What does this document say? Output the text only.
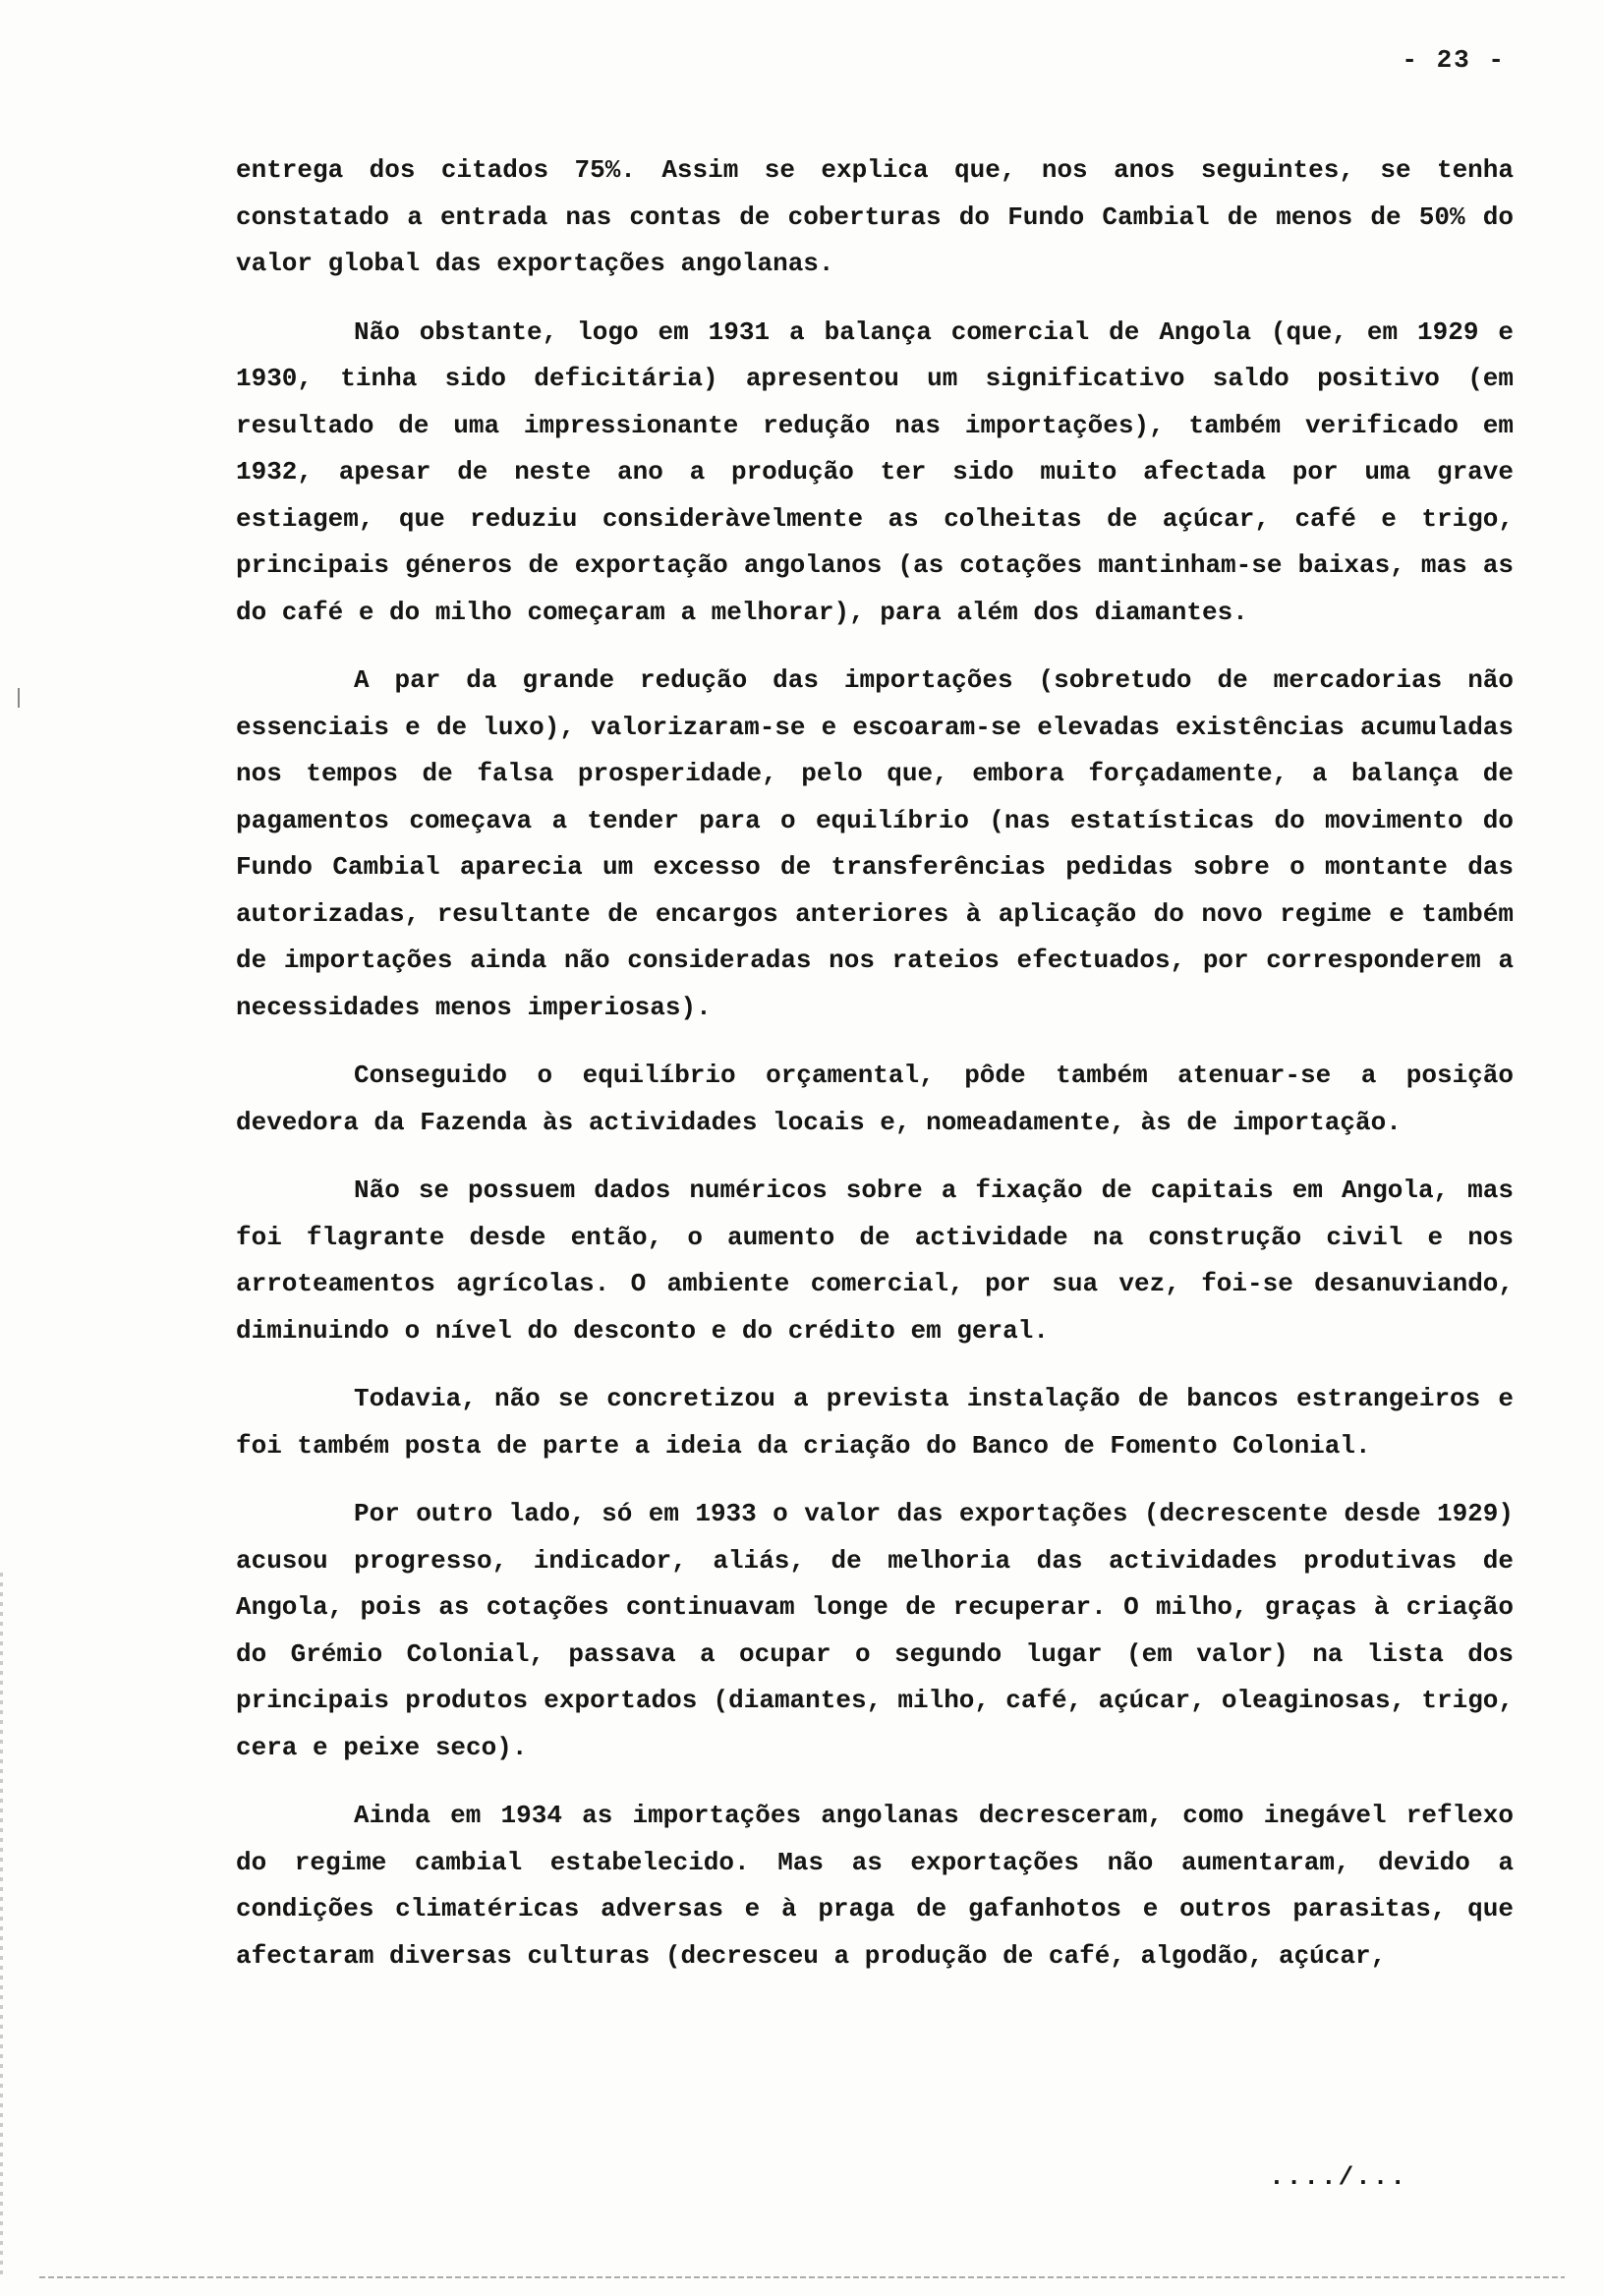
- 23 -

entrega dos citados 75%. Assim se explica que, nos anos seguintes, se tenha constatado a entrada nas contas de coberturas do Fundo Cambial de menos de 50% do valor global das exportações angolanas.

Não obstante, logo em 1931 a balança comercial de Angola (que, em 1929 e 1930, tinha sido deficitária) apresentou um significativo saldo positivo (em resultado de uma impressionante redução nas importações), também verificado em 1932, apesar de neste ano a produção ter sido muito afectada por uma grave estiagem, que reduziu consideràvelmente as colheitas de açúcar, café e trigo, principais géneros de exportação angolanos (as cotações mantinham-se baixas, mas as do café e do milho começaram a melhorar), para além dos diamantes.

A par da grande redução das importações (sobretudo de mercadorias não essenciais e de luxo), valorizaram-se e escoaram-se elevadas existências acumuladas nos tempos de falsa prosperidade, pelo que, embora forçadamente, a balança de pagamentos começava a tender para o equilíbrio (nas estatísticas do movimento do Fundo Cambial aparecia um excesso de transferências pedidas sobre o montante das autorizadas, resultante de encargos anteriores à aplicação do novo regime e também de importações ainda não consideradas nos rateios efectuados, por corresponderem a necessidades menos imperiosas).

Conseguido o equilíbrio orçamental, pôde também atenuar-se a posição devedora da Fazenda às actividades locais e, nomeadamente, às de importação.

Não se possuem dados numéricos sobre a fixação de capitais em Angola, mas foi flagrante desde então, o aumento de actividade na construção civil e nos arroteamentos agrícolas. O ambiente comercial, por sua vez, foi-se desanuviando, diminuindo o nível do desconto e do crédito em geral.

Todavia, não se concretizou a prevista instalação de bancos estrangeiros e foi também posta de parte a ideia da criação do Banco de Fomento Colonial.

Por outro lado, só em 1933 o valor das exportações (decrescente desde 1929) acusou progresso, indicador, aliás, de melhoria das actividades produtivas de Angola, pois as cotações continuavam longe de recuperar. O milho, graças à criação do Grémio Colonial, passava a ocupar o segundo lugar (em valor) na lista dos principais produtos exportados (diamantes, milho, café, açúcar, oleaginosas, trigo, cera e peixe seco).

Ainda em 1934 as importações angolanas decresceram, como inegável reflexo do regime cambial estabelecido. Mas as exportações não aumentaram, devido a condições climatéricas adversas e à praga de gafanhotos e outros parasitas, que afectaram diversas culturas (decresceu a produção de café, algodão, açúcar,

..../...
